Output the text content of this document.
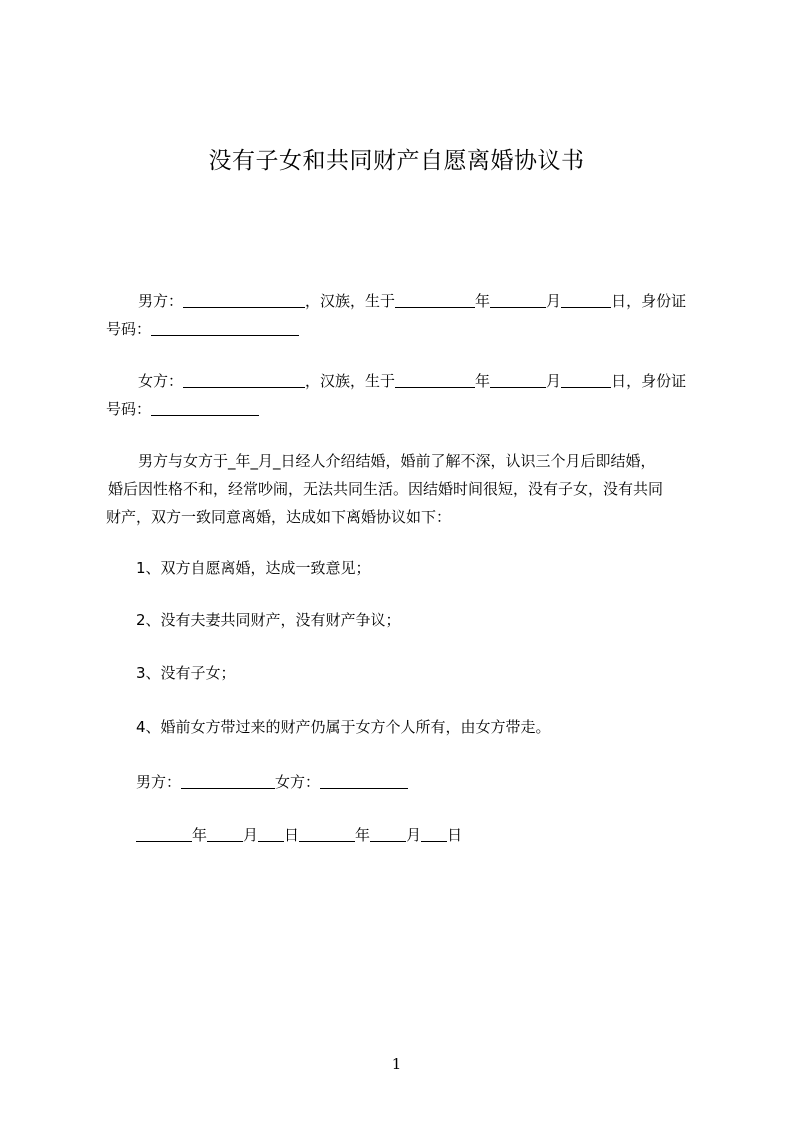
没有子女和共同财产自愿离婚协议书
男方：	，汉族，生于	年	月	日，身份证
号码：
女方：	，汉族，生于	年	月	日，身份证
号码：
男方与女方于_年_月_日经人介绍结婚，婚前了解不深，认识三个月后即结婚，
婚后因性格不和，经常吵闹，无法共同生活。因结婚时间很短，没有子女，没有共同
财产，双方一致同意离婚，达成如下离婚协议如下：
1、双方自愿离婚，达成一致意见；
2、没有夫妻共同财产，没有财产争议；
3、没有子女；
4、婚前女方带过来的财产仍属于女方个人所有，由女方带走。
男方：	女方：
年 月 日	年 月 日
1
